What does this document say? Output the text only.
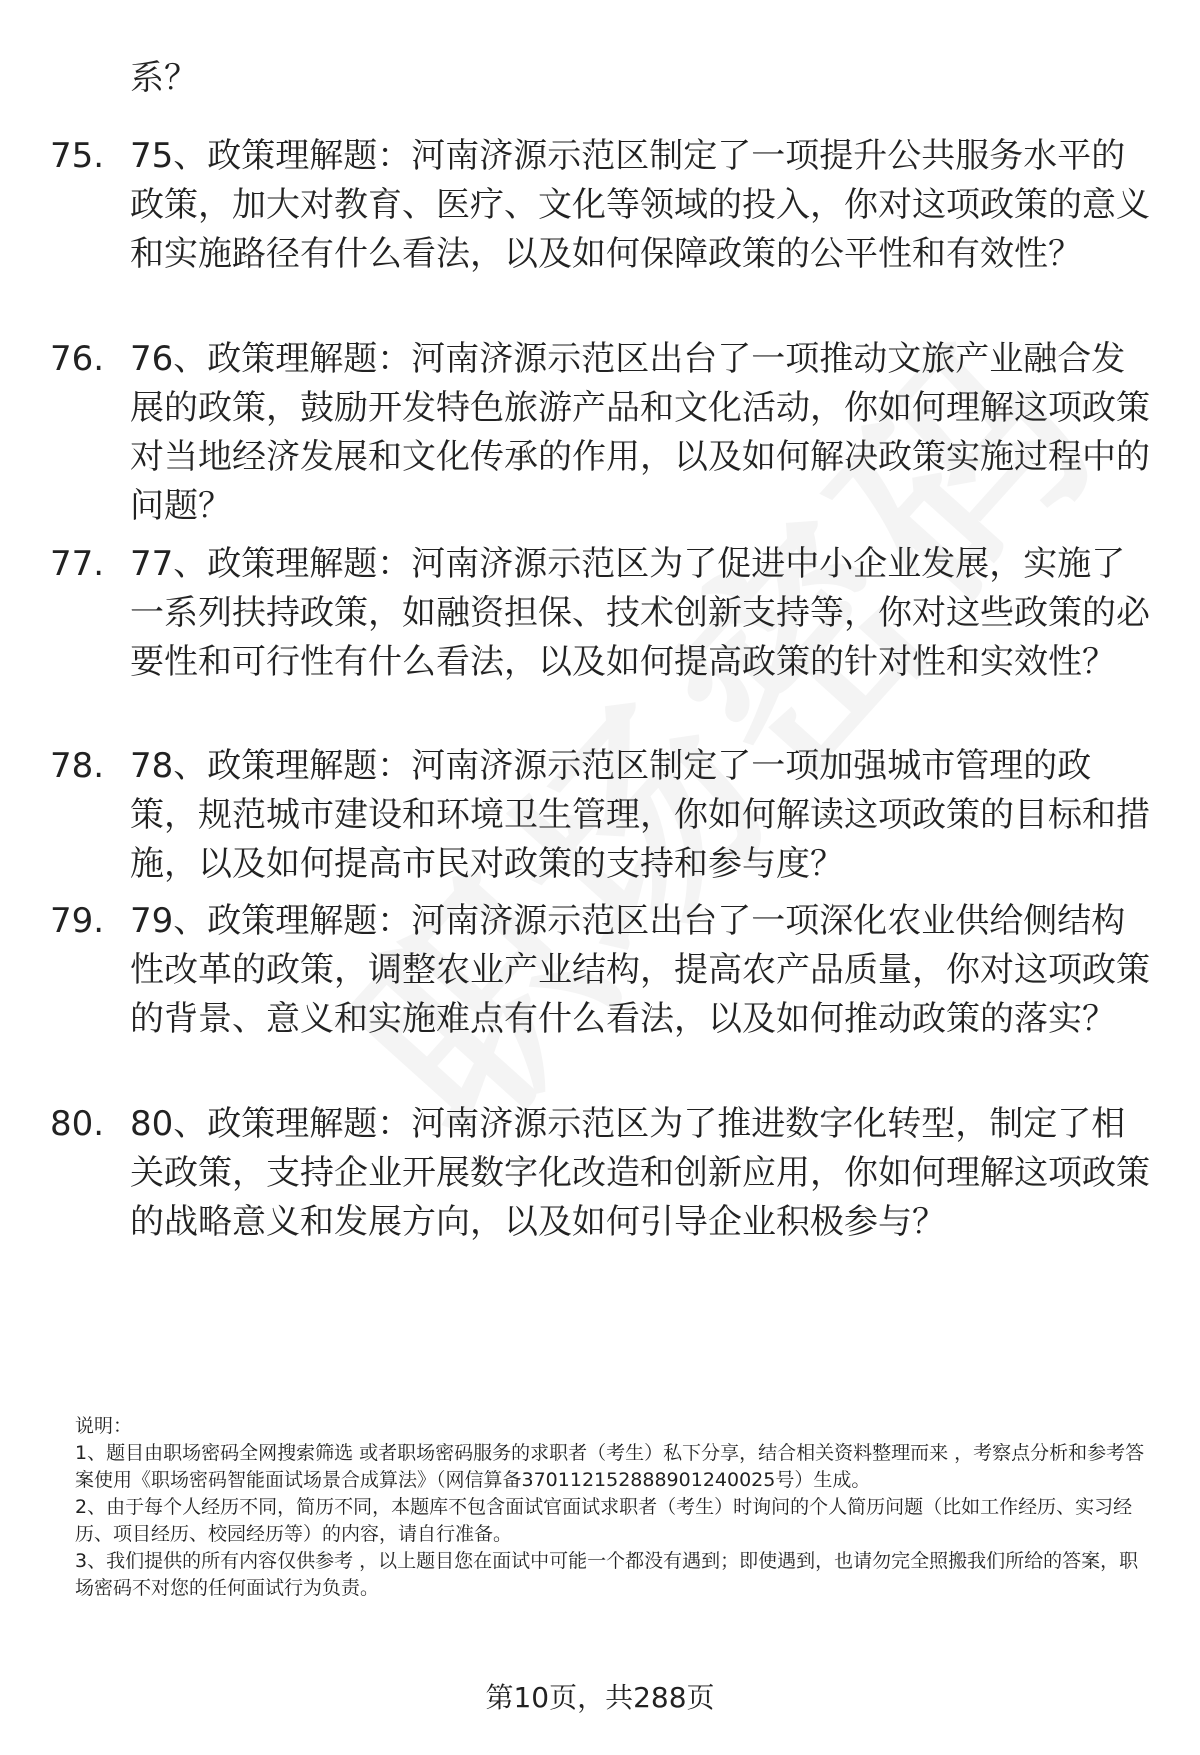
系？
75. 75、政策理解题：河南济源示范区制定了一项提升公共服务水平的政策，加大对教育、医疗、文化等领域的投入，你对这项政策的意义和实施路径有什么看法，以及如何保障政策的公平性和有效性？
76. 76、政策理解题：河南济源示范区出台了一项推动文旅产业融合发展的政策，鼓励开发特色旅游产品和文化活动，你如何理解这项政策对当地经济发展和文化传承的作用，以及如何解决政策实施过程中的问题？
77. 77、政策理解题：河南济源示范区为了促进中小企业发展，实施了一系列扶持政策，如融资担保、技术创新支持等，你对这些政策的必要性和可行性有什么看法，以及如何提高政策的针对性和实效性？
78. 78、政策理解题：河南济源示范区制定了一项加强城市管理的政策，规范城市建设和环境卫生管理，你如何解读这项政策的目标和措施，以及如何提高市民对政策的支持和参与度？
79. 79、政策理解题：河南济源示范区出台了一项深化农业供给侧结构性改革的政策，调整农业产业结构，提高农产品质量，你对这项政策的背景、意义和实施难点有什么看法，以及如何推动政策的落实？
80. 80、政策理解题：河南济源示范区为了推进数字化转型，制定了相关政策，支持企业开展数字化改造和创新应用，你如何理解这项政策的战略意义和发展方向，以及如何引导企业积极参与？

说明：

1、题目由职场密码全网搜索筛选 或者职场密码服务的求职者（考生）私下分享，结合相关资料整理而来 ，考察点分析和参考答案使用《职场密码智能面试场景合成算法》（网信算备370112152888901240025号）生成。

2、由于每个人经历不同，简历不同，本题库不包含面试官面试求职者（考生）时询问的个人简历问题（比如工作经历、实习经历、项目经历、校园经历等）的内容，请自行准备。

3、我们提供的所有内容仅供参考 ，以上题目您在面试中可能一个都没有遇到；即使遇到，也请勿完全照搬我们所给的答案，职场密码不对您的任何面试行为负责。

第10页，共288页
